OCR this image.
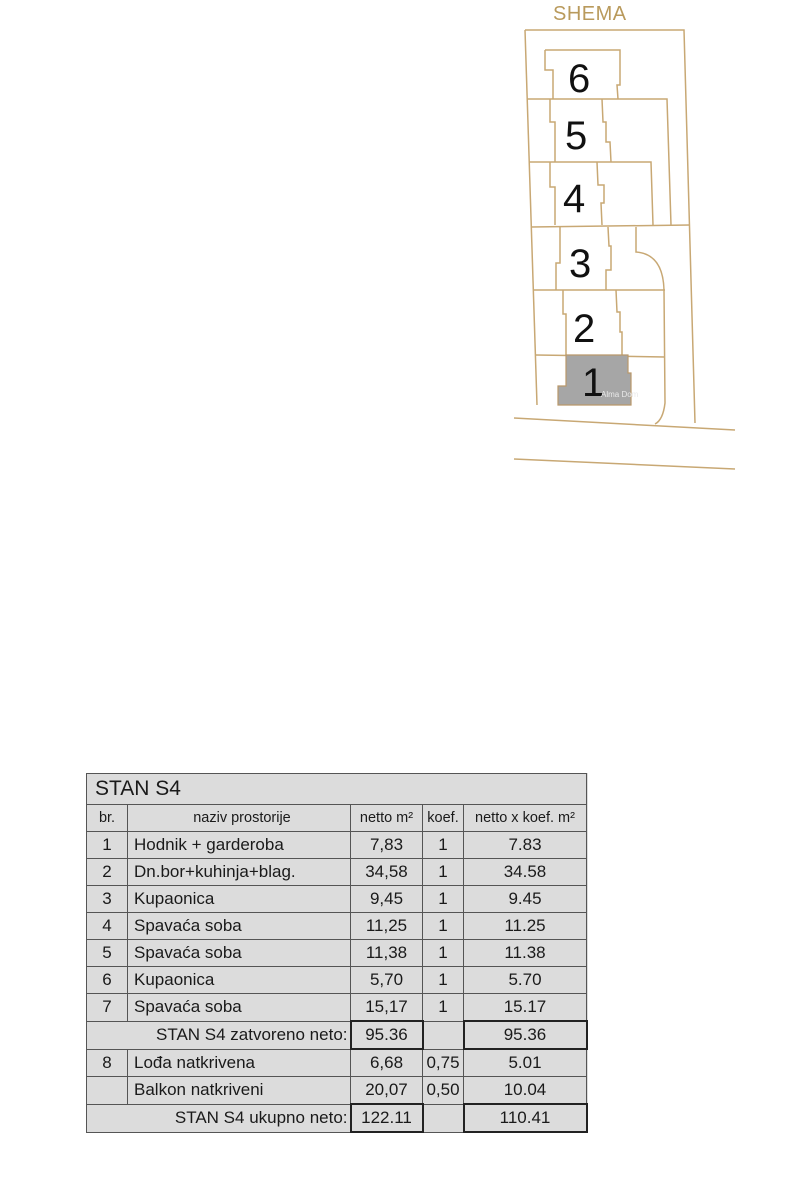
SHEMA
6
5
4
3
2
1
Alma Dom
STAN S4				
br.	naziv prostorije	netto m²	koef.	netto x koef. m²
1	Hodnik + garderoba	7,83	1	7.83
2	Dn.bor+kuhinja+blag.	34,58	1	34.58
3	Kupaonica	9,45	1	9.45
4	Spavaća soba	11,25	1	11.25
5	Spavaća soba	11,38	1	11.38
6	Kupaonica	5,70	1	5.70
7	Spavaća soba	15,17	1	15.17
STAN S4 zatvoreno neto:		95.36		95.36
8	Lođa natkrivena	6,68	0,75	5.01
	Balkon natkriveni	20,07	0,50	10.04
STAN S4 ukupno neto:		122.11		110.41
